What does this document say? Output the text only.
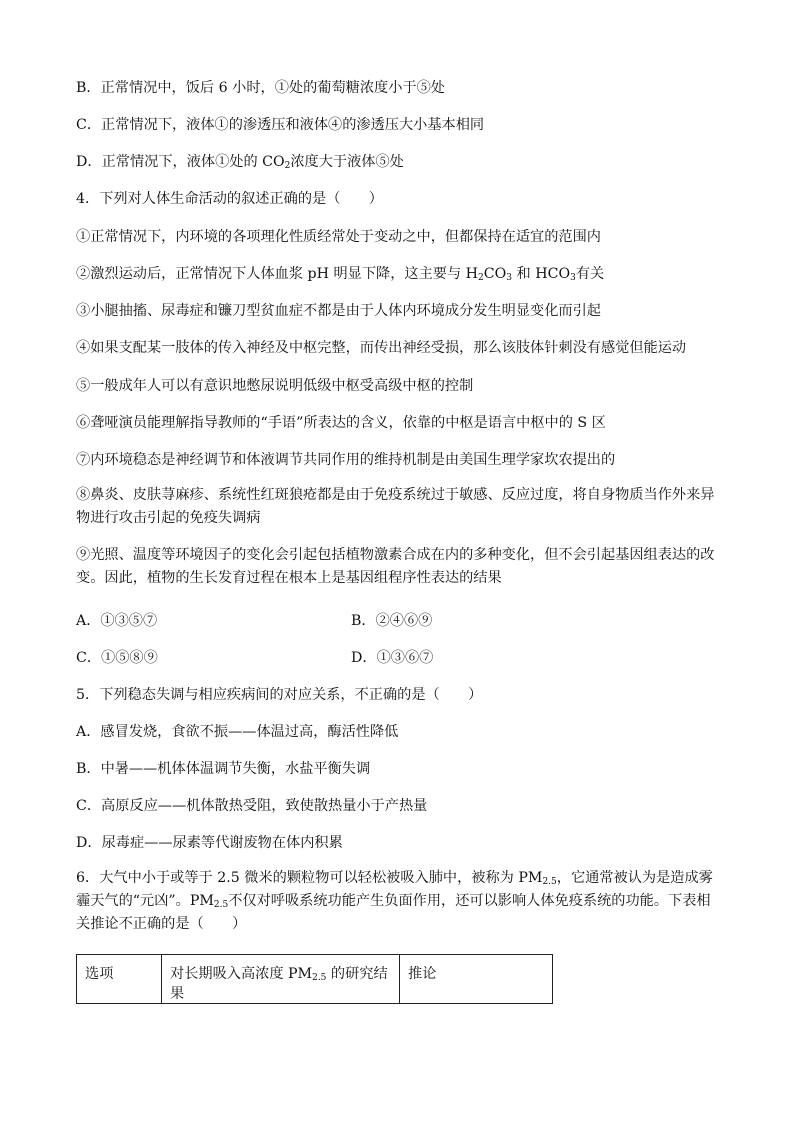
B．正常情况中，饭后 6 小时，①处的葡萄糖浓度小于⑤处
C．正常情况下，液体①的渗透压和液体④的渗透压大小基本相同
D．正常情况下，液体①处的 $CO_2$浓度大于液体⑤处
4．下列对人体生命活动的叙述正确的是（　　）
①正常情况下，内环境的各项理化性质经常处于变动之中，但都保持在适宜的范围内
②激烈运动后，正常情况下人体血浆 pH 明显下降，这主要与 $H_2CO_3$ 和 $HCO_3$有关
③小腿抽搐、尿毒症和镰刀型贫血症不都是由于人体内环境成分发生明显变化而引起
④如果支配某一肢体的传入神经及中枢完整，而传出神经受损，那么该肢体针刺没有感觉但能运动
⑤一般成年人可以有意识地憋尿说明低级中枢受高级中枢的控制
⑥聋哑演员能理解指导教师的“手语”所表达的含义，依靠的中枢是语言中枢中的 S 区
⑦内环境稳态是神经调节和体液调节共同作用的维持机制是由美国生理学家坎农提出的
⑧鼻炎、皮肤荨麻疹、系统性红斑狼疮都是由于免疫系统过于敏感、反应过度，将自身物质当作外来异物进行攻击引起的免疫失调病
⑨光照、温度等环境因子的变化会引起包括植物激素合成在内的多种变化，但不会引起基因组表达的改变。因此，植物的生长发育过程在根本上是基因组程序性表达的结果
A．①③⑤⑦	B．②④⑥⑨
C．①⑤⑧⑨	D．①③⑥⑦
5．下列稳态失调与相应疾病间的对应关系，不正确的是（　　）
A．感冒发烧，食欲不振——体温过高，酶活性降低
B．中暑——机体体温调节失衡，水盐平衡失调
C．高原反应——机体散热受阻，致使散热量小于产热量
D．尿毒症——尿素等代谢废物在体内积累
6．大气中小于或等于 2.5 微米的颗粒物可以轻松被吸入肺中，被称为 $PM_{2.5}$，它通常被认为是造成雾霾天气的“元凶”。$PM_{2.5}$不仅对呼吸系统功能产生负面作用，还可以影响人体免疫系统的功能。下表相关推论不正确的是（　　）
选项	对长期吸入高浓度 $PM_{2.5}$ 的研究结果	推论
